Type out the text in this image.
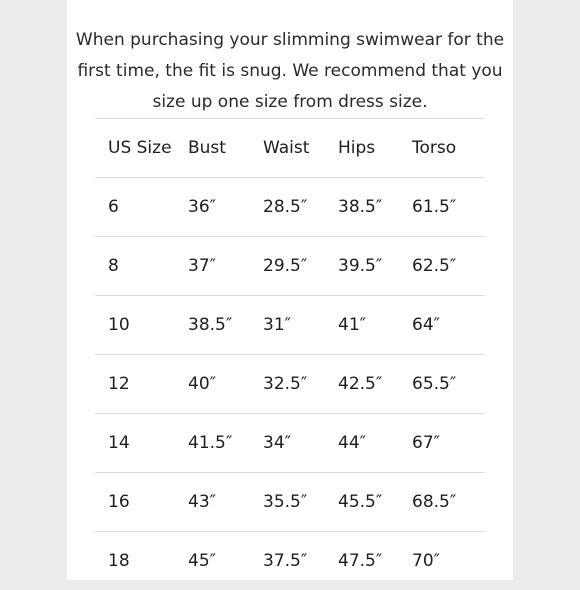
When purchasing your slimming swimwear for the
first time, the fit is snug. We recommend that you
size up one size from dress size.

US Size	Bust	Waist	Hips	Torso
6	36″	28.5″	38.5″	61.5″
8	37″	29.5″	39.5″	62.5″
10	38.5″	31″	41″	64″
12	40″	32.5″	42.5″	65.5″
14	41.5″	34″	44″	67″
16	43″	35.5″	45.5″	68.5″
18	45″	37.5″	47.5″	70″
